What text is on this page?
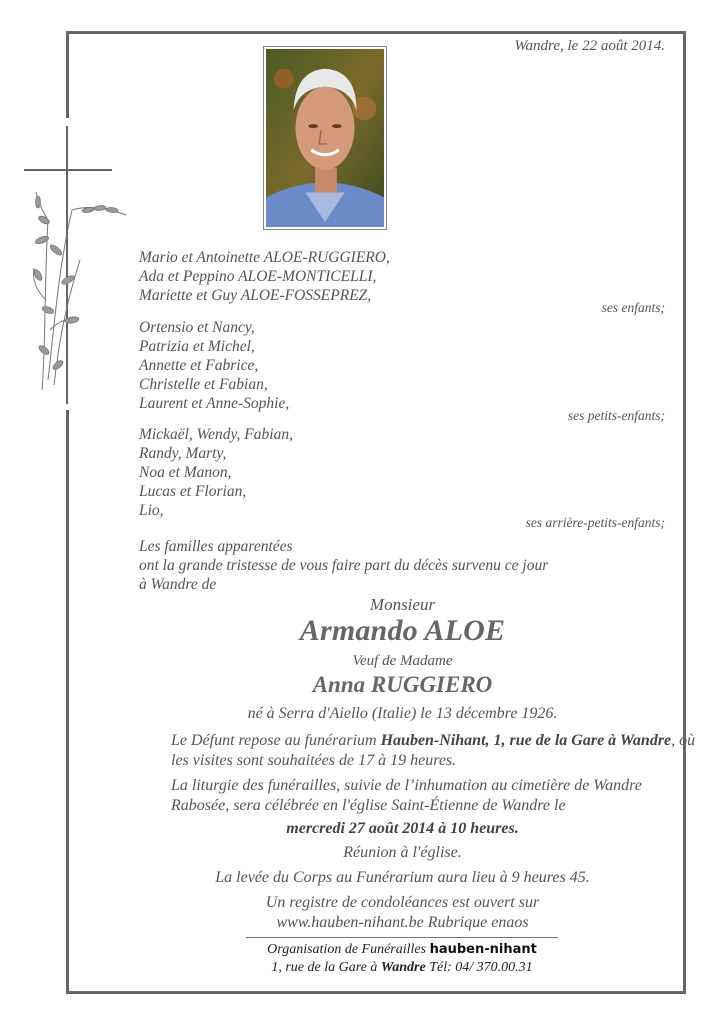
Wandre, le 22 août 2014.
Mario et Antoinette ALOE-RUGGIERO,
Ada et Peppino ALOE-MONTICELLI,
Mariette et Guy ALOE-FOSSEPREZ,
ses enfants;
Ortensio et Nancy,
Patrizia et Michel,
Annette et Fabrice,
Christelle et Fabian,
Laurent et Anne-Sophie,
ses petits-enfants;
Mickaël, Wendy, Fabian,
Randy, Marty,
Noa et Manon,
Lucas et Florian,
Lio,
ses arrière-petits-enfants;
Les familles apparentées
ont la grande tristesse de vous faire part du décès survenu ce jour
à Wandre de
Monsieur
Armando ALOE
Veuf de Madame
Anna RUGGIERO
né à Serra d'Aiello (Italie) le 13 décembre 1926.
Le Défunt repose au funérarium Hauben-Nihant, 1, rue de la Gare à Wandre, où les visites sont souhaitées de 17 à 19 heures.
La liturgie des funérailles, suivie de l’inhumation au cimetière de Wandre Rabosée, sera célébrée en l'église Saint-Étienne de Wandre le
mercredi 27 août 2014 à 10 heures.
Réunion à l'église.
La levée du Corps au Funérarium aura lieu à 9 heures 45.
Un registre de condoléances est ouvert sur
www.hauben-nihant.be Rubrique enaos
Organisation de Funérailles hauben-nihant
1, rue de la Gare à Wandre Tél: 04/ 370.00.31
